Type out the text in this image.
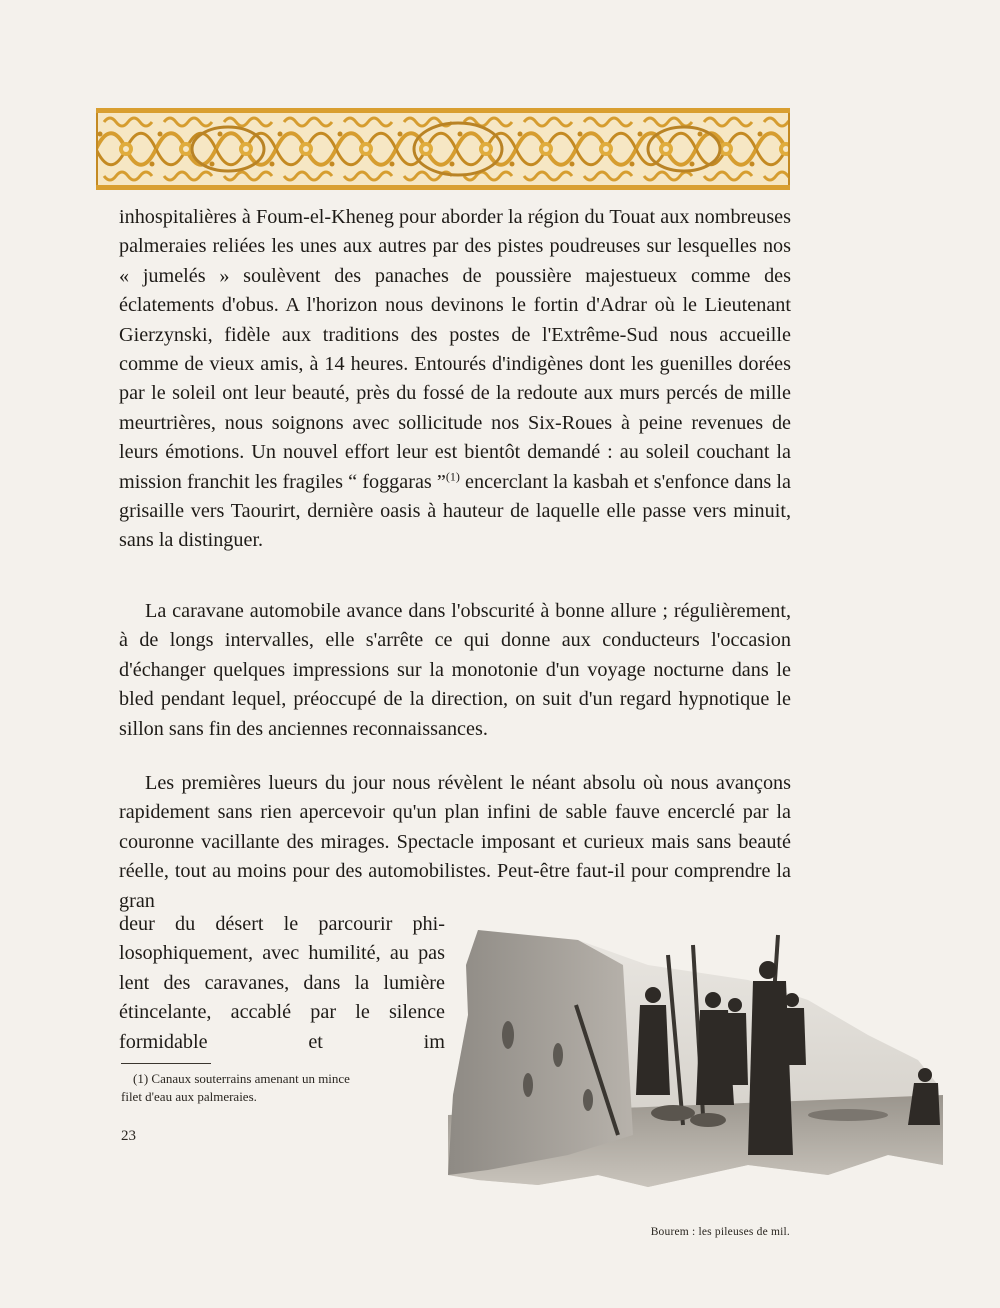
inhospitalières à Foum-el-Kheneg pour aborder la région du Touat aux nombreuses palmeraies reliées les unes aux autres par des pistes poudreuses sur lesquelles nos « jumelés » soulèvent des panaches de poussière majestueux comme des éclatements d'obus. A l'horizon nous devinons le fortin d'Adrar où le Lieutenant Gierzynski, fidèle aux traditions des postes de l'Extrême-Sud nous accueille comme de vieux amis, à 14 heures. Entourés d'indigènes dont les guenilles dorées par le soleil ont leur beauté, près du fossé de la redoute aux murs percés de mille meurtrières, nous soignons avec sollicitude nos Six-Roues à peine revenues de leurs émotions. Un nouvel effort leur est bientôt demandé : au soleil couchant la mission franchit les fragiles “ foggaras ”$^{(1)}$ encerclant la kasbah et s'enfonce dans la grisaille vers Taourirt, dernière oasis à hauteur de laquelle elle passe vers minuit, sans la distinguer.

La caravane automobile avance dans l'obscurité à bonne allure ; régulièrement, à de longs intervalles, elle s'arrête ce qui donne aux conducteurs l'occasion d'échanger quelques impressions sur la monotonie d'un voyage nocturne dans le bled pendant lequel, préoccupé de la direction, on suit d'un regard hypnotique le sillon sans fin des anciennes reconnaissances.

Les premières lueurs du jour nous révèlent le néant absolu où nous avançons rapidement sans rien apercevoir qu'un plan infini de sable fauve encerclé par la couronne vacillante des mirages. Spectacle imposant et curieux mais sans beauté réelle, tout au moins pour des automobilistes. Peut-être faut-il pour comprendre la gran

deur du désert le parcourir philosophiquement, avec humilité, au pas lent des caravanes, dans la lumière étincelante, accablé par le silence formidable et im

(1) Canaux souterrains amenant un mince

filet d'eau aux palmeraies.

23
Bourem : les pileuses de mil.
